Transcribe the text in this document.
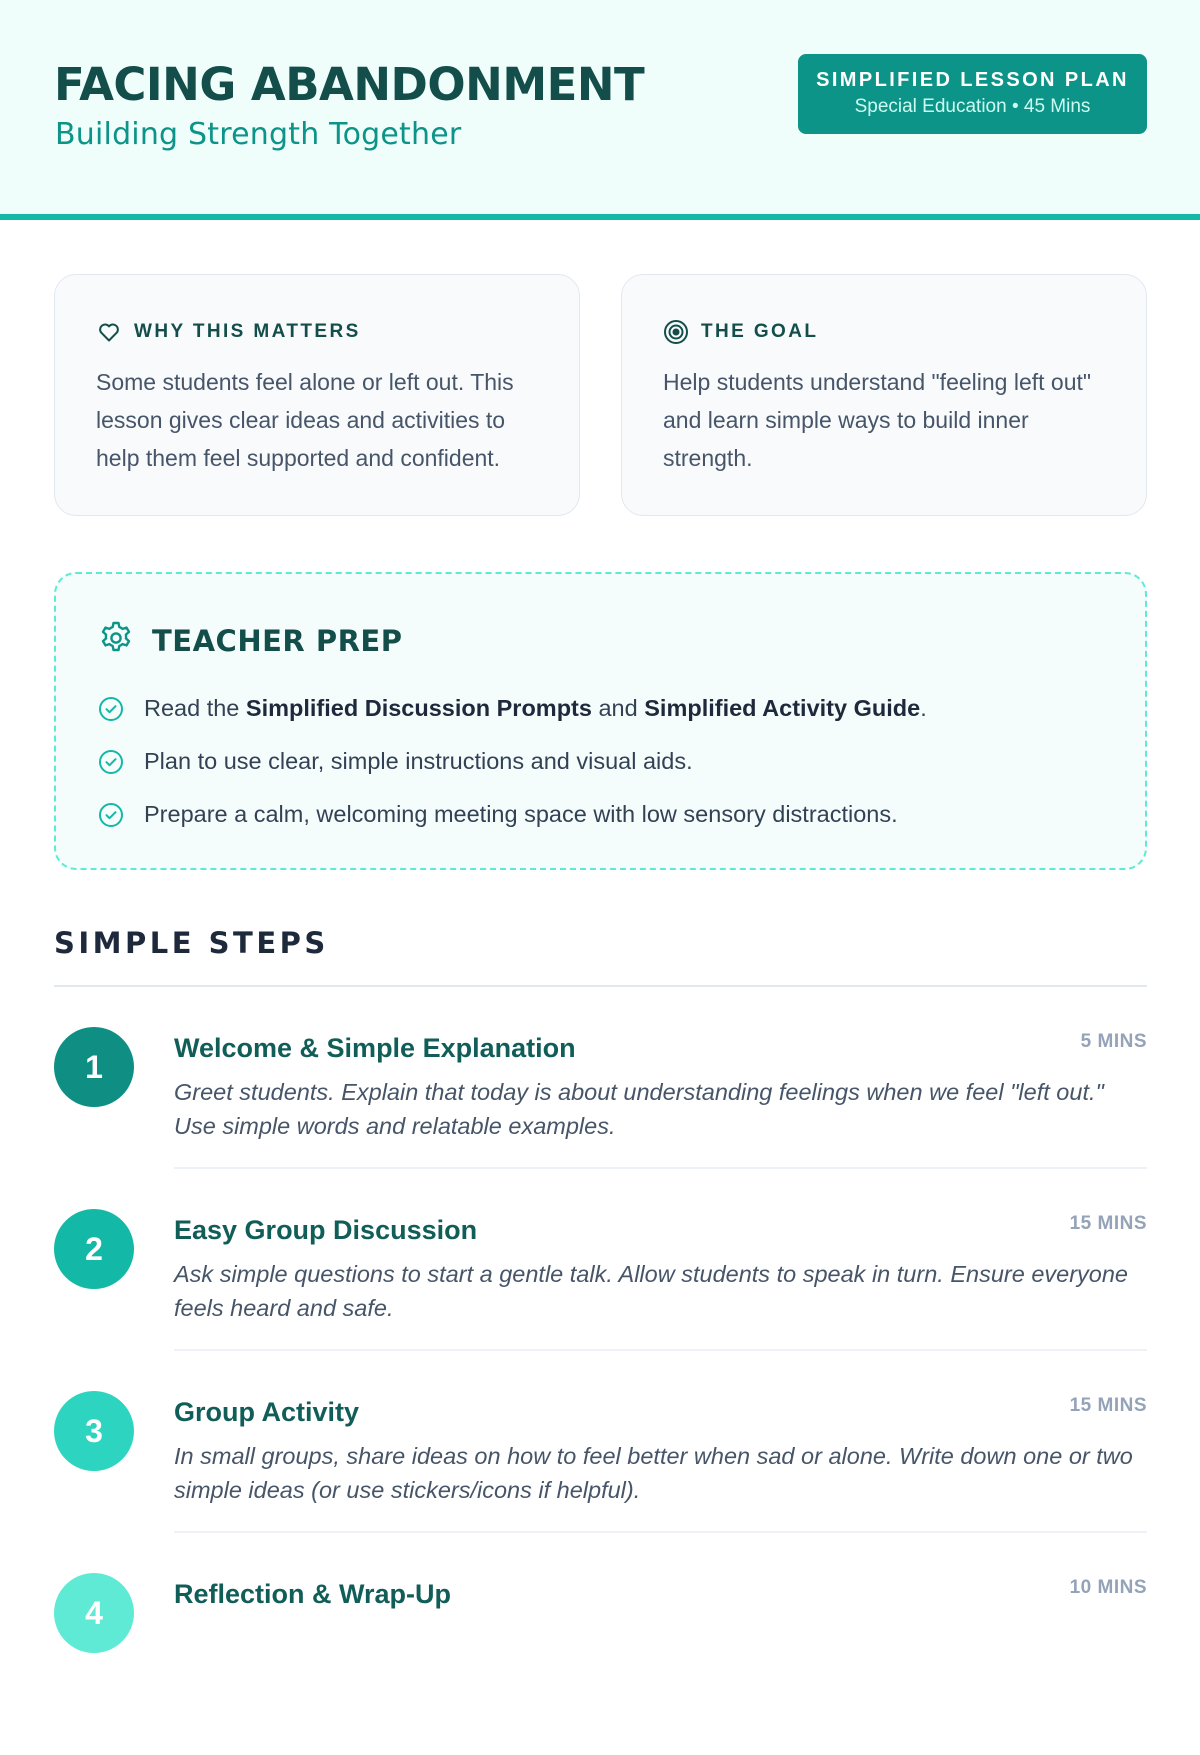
FACING ABANDONMENT
Building Strength Together
SIMPLIFIED LESSON PLAN
Special Education • 45 Mins
WHY THIS MATTERS

Some students feel alone or left out. This lesson gives clear ideas and activities to help them feel supported and confident.

THE GOAL

Help students understand "feeling left out" and learn simple ways to build inner strength.

TEACHER PREP
Read the Simplified Discussion Prompts and Simplified Activity Guide.
Plan to use clear, simple instructions and visual aids.
Prepare a calm, welcoming meeting space with low sensory distractions.
SIMPLE STEPS
1
Welcome & Simple Explanation	5 MINS

Greet students. Explain that today is about understanding feelings when we feel "left out." Use simple words and relatable examples.

2
Easy Group Discussion	15 MINS

Ask simple questions to start a gentle talk. Allow students to speak in turn. Ensure everyone feels heard and safe.

3
Group Activity	15 MINS

In small groups, share ideas on how to feel better when sad or alone. Write down one or two simple ideas (or use stickers/icons if helpful).

4
Reflection & Wrap-Up	10 MINS
